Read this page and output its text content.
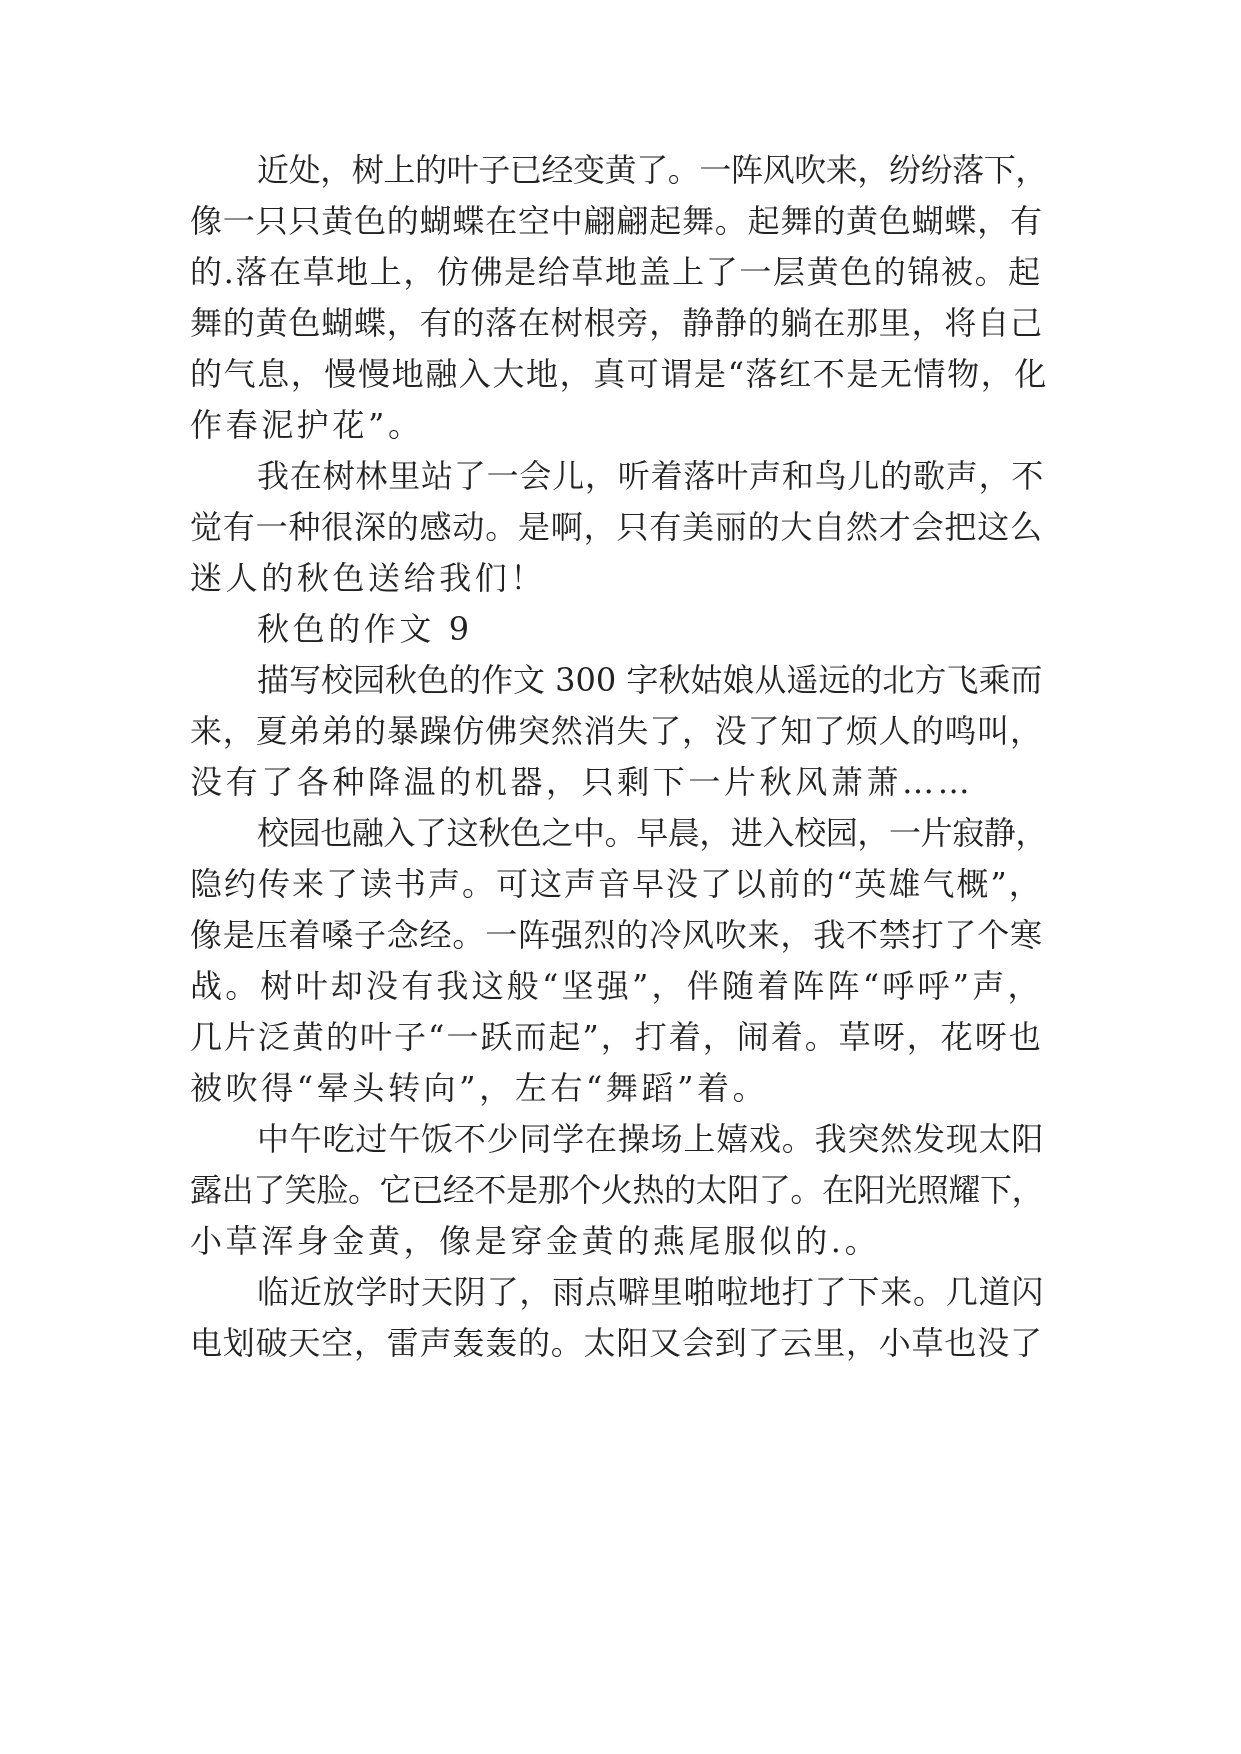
近处，树上的叶子已经变黄了。一阵风吹来，纷纷落下，

像一只只黄色的蝴蝶在空中翩翩起舞。起舞的黄色蝴蝶，有

的.落在草地上，仿佛是给草地盖上了一层黄色的锦被。起

舞的黄色蝴蝶，有的落在树根旁，静静的躺在那里，将自己

的气息，慢慢地融入大地，真可谓是“落红不是无情物，化

作春泥护花”。

我在树林里站了一会儿，听着落叶声和鸟儿的歌声，不

觉有一种很深的感动。是啊，只有美丽的大自然才会把这么

迷人的秋色送给我们！

秋色的作文 9

描写校园秋色的作文 300 字秋姑娘从遥远的北方飞乘而

来，夏弟弟的暴躁仿佛突然消失了，没了知了烦人的鸣叫，

没有了各种降温的机器，只剩下一片秋风萧萧……

校园也融入了这秋色之中。早晨，进入校园，一片寂静，

隐约传来了读书声。可这声音早没了以前的“英雄气概”，

像是压着嗓子念经。一阵强烈的冷风吹来，我不禁打了个寒

战。树叶却没有我这般“坚强”，伴随着阵阵“呼呼”声，

几片泛黄的叶子“一跃而起”，打着，闹着。草呀，花呀也

被吹得“晕头转向”，左右“舞蹈”着。

中午吃过午饭不少同学在操场上嬉戏。我突然发现太阳

露出了笑脸。它已经不是那个火热的太阳了。在阳光照耀下，

小草浑身金黄，像是穿金黄的燕尾服似的.。

临近放学时天阴了，雨点噼里啪啦地打了下来。几道闪

电划破天空，雷声轰轰的。太阳又会到了云里，小草也没了
